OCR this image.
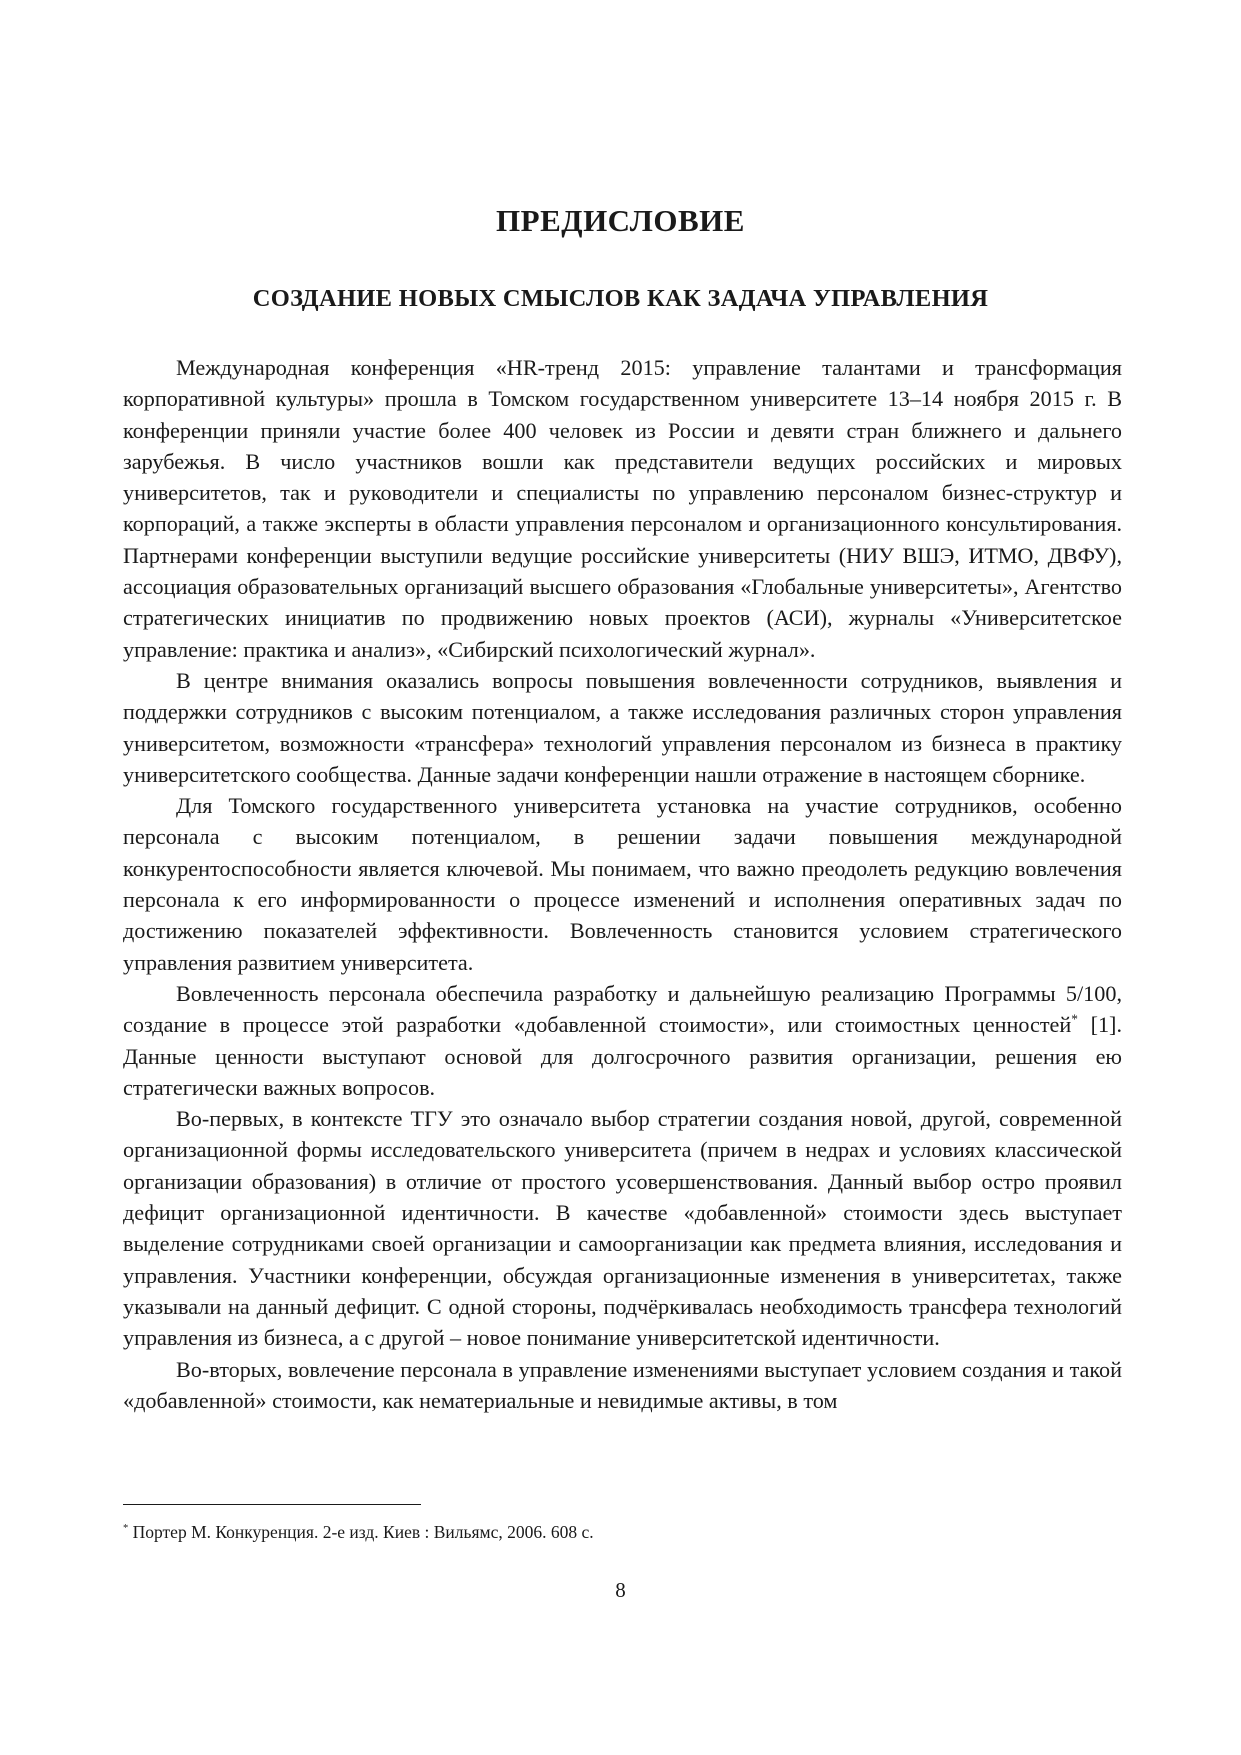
ПРЕДИСЛОВИЕ
СОЗДАНИЕ НОВЫХ СМЫСЛОВ КАК ЗАДАЧА УПРАВЛЕНИЯ

Международная конференция «HR-тренд 2015: управление талантами и трансформация корпоративной культуры» прошла в Томском государственном университете 13–14 ноября 2015 г. В конференции приняли участие более 400 человек из России и девяти стран ближнего и дальнего зарубежья. В число участников вошли как представители ведущих российских и мировых университетов, так и руководители и специалисты по управлению персоналом бизнес-структур и корпораций, а также эксперты в области управления персоналом и организационного консультирования. Партнерами конференции выступили ведущие российские университеты (НИУ ВШЭ, ИТМО, ДВФУ), ассоциация образовательных организаций высшего образования «Глобальные университеты», Агентство стратегических инициатив по продвижению новых проектов (АСИ), журналы «Университетское управление: практика и анализ», «Сибирский психологический журнал».

В центре внимания оказались вопросы повышения вовлеченности сотрудников, выявления и поддержки сотрудников с высоким потенциалом, а также исследования различных сторон управления университетом, возможности «трансфера» технологий управления персоналом из бизнеса в практику университетского сообщества. Данные задачи конференции нашли отражение в настоящем сборнике.

Для Томского государственного университета установка на участие сотрудников, особенно персонала с высоким потенциалом, в решении задачи повышения международной конкурентоспособности является ключевой. Мы понимаем, что важно преодолеть редукцию вовлечения персонала к его информированности о процессе изменений и исполнения оперативных задач по достижению показателей эффективности. Вовлеченность становится условием стратегического управления развитием университета.

Вовлеченность персонала обеспечила разработку и дальнейшую реализацию Программы 5/100, создание в процессе этой разработки «добавленной стоимости», или стоимостных ценностей* [1]. Данные ценности выступают основой для долгосрочного развития организации, решения ею стратегически важных вопросов.

Во-первых, в контексте ТГУ это означало выбор стратегии создания новой, другой, современной организационной формы исследовательского университета (причем в недрах и условиях классической организации образования) в отличие от простого усовершенствования. Данный выбор остро проявил дефицит организационной идентичности. В качестве «добавленной» стоимости здесь выступает выделение сотрудниками своей организации и самоорганизации как предмета влияния, исследования и управления. Участники конференции, обсуждая организационные изменения в университетах, также указывали на данный дефицит. С одной стороны, подчёркивалась необходимость трансфера технологий управления из бизнеса, а с другой – новое понимание университетской идентичности.

Во-вторых, вовлечение персонала в управление изменениями выступает условием создания и такой «добавленной» стоимости, как нематериальные и невидимые активы, в том

* Портер М. Конкуренция. 2-е изд. Киев : Вильямс, 2006. 608 с.
8
